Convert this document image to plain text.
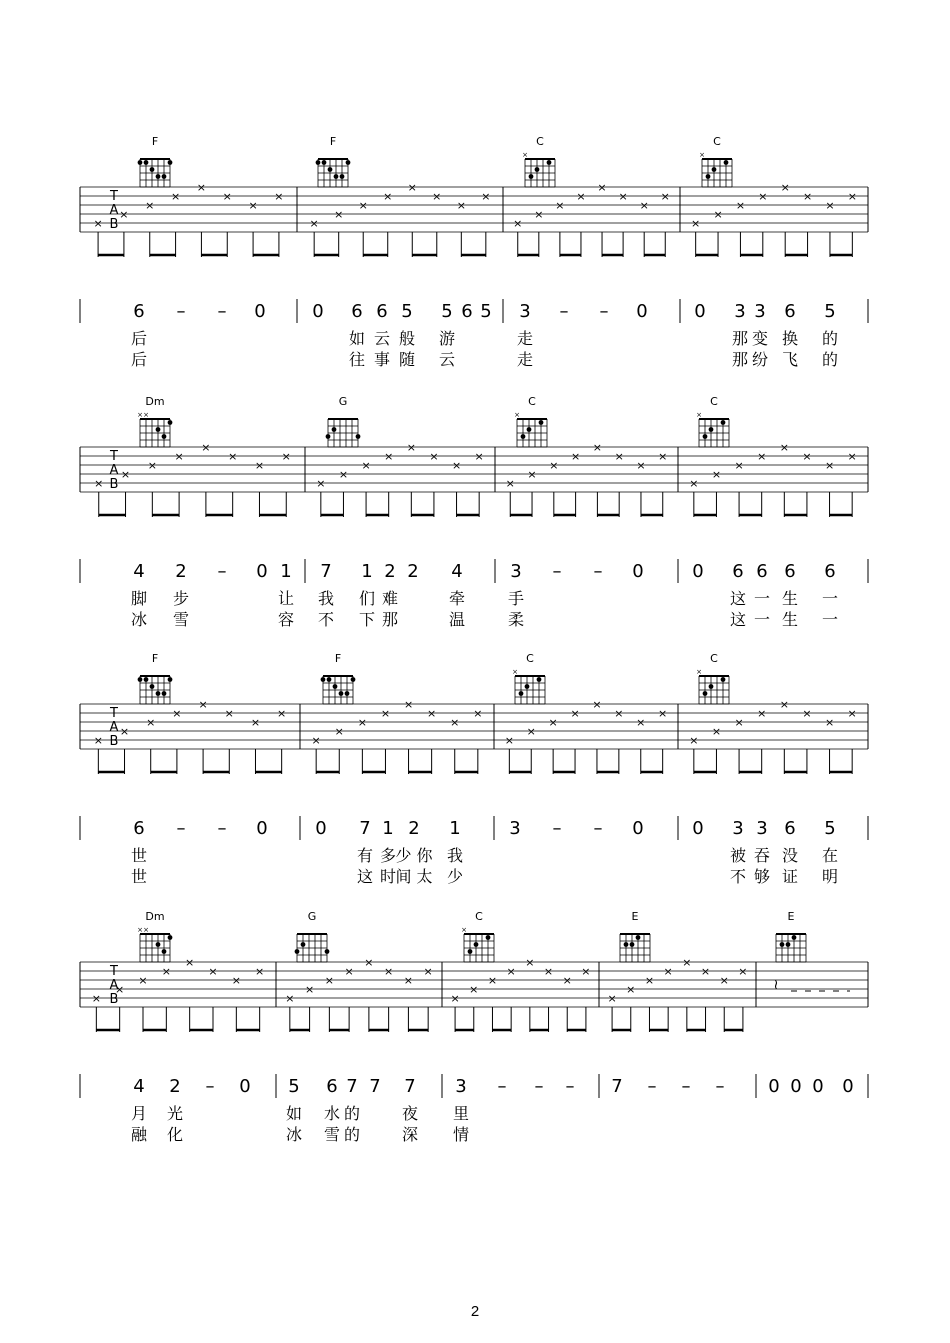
T
A
B
×
×
×
×
×
×
×
×
×
×
×
×
×
×
×
×
×
×
×
×
×
×
×
×
×
×
×
×
×
×
×
×
6 – – 0
后
后
0 6 6 5 5 6 5
如 云 般 游
往 事 随 云
3 – – 0
走
走
0 3 3 6 5
那 变 换 的
那 纷 飞 的
F	F	C
×
C
×
T
A
B
×
×
×
×
×
×
×
×
×
×
×
×
×
×
×
×
×
×
×
×
×
×
×
×
×
×
×
×
×
×
×
×
4 2 – 0 1
脚 步	让
冰 雪	容
7 1 2 2 4
我 们 难	牵
不 下 那	温
3 – – 0
手
柔
0 6 6 6 6
这 一 生 一
这 一 生 一
Dm
× ×
G	C
×
C
×
T
A
B
×
×
×
×
×
×
×
×
×
×
×
×
×
×
×
×
×
×
×
×
×
×
×
×
×
×
×
×
×
×
×
×
6 – – 0
世
世
0 7 1 2 1
有 多 少 你 我
这 时 间 太 少
3 – – 0	0 3 3 6 5
被 吞 没 在
不 够 证 明
F	F	C
×
C
×
T
A
B
×
×
×
×
×
×
×
×
×
×
×
×
×
×
×
×
×
×
×
×
×
×
×
×
×
×
×
×
×
×
×
×
≀
4 2 – 0
月 光
融 化
5 6 7 7 7
如 水 的	夜
冰 雪 的	深
3 – – –
里
情
7 – – – 0 0 0 0
Dm
× ×
G	C
×
E	E
2
